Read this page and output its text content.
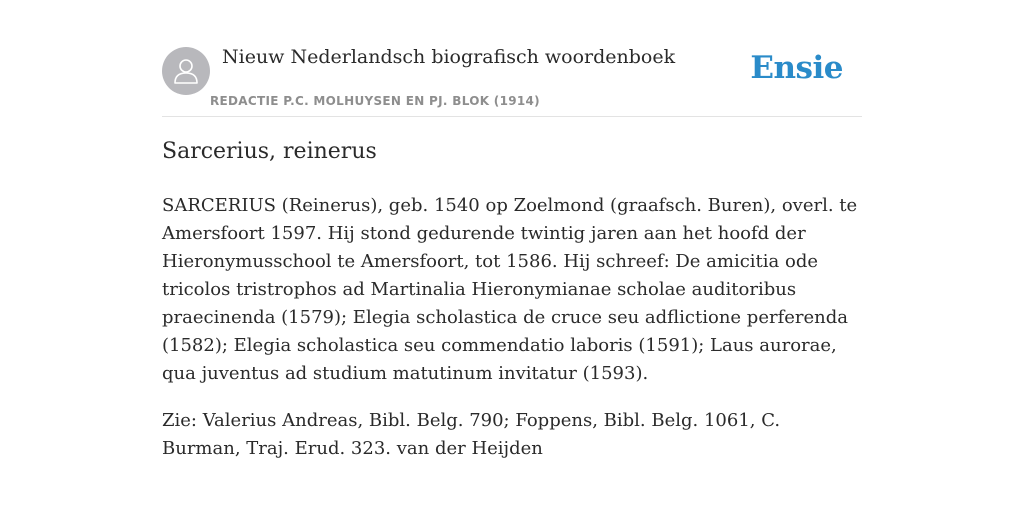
Nieuw Nederlandsch biografisch woordenboek
REDACTIE P.C. MOLHUYSEN EN PJ. BLOK (1914)
Ensie
Sarcerius, reinerus

SARCERIUS (Reinerus), geb. 1540 op Zoelmond (graafsch. Buren), overl. te Amersfoort 1597. Hij stond gedurende twintig jaren aan het hoofd der Hieronymusschool te Amersfoort, tot 1586. Hij schreef: De amicitia ode tricolos tristrophos ad Martinalia Hieronymianae scholae auditoribus praecinenda (1579); Elegia scholastica de cruce seu adflictione perferenda (1582); Elegia scholastica seu commendatio laboris (1591); Laus aurorae, qua juventus ad studium matutinum invitatur (1593).

Zie: Valerius Andreas, Bibl. Belg. 790; Foppens, Bibl. Belg. 1061, C. Burman, Traj. Erud. 323. van der Heijden
